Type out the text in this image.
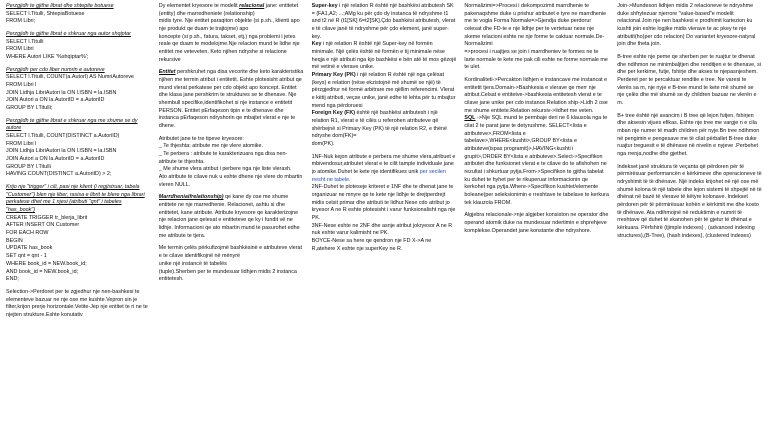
Perzgjidh te gjithe librat dhe shtepite botuese
SELECT l.Titulli, ShtepiaBotuese
FROM Libri;
Perzgjidh te gjithe librat e shkruar nga autor shqiptar
SELECT l.Titulli
FROM Libri
WHERE Autori LIKE '%shqiptar%';
Perzgjidh per cdo liber numrin e autoreve
SELECT l.Titulli, COUNT(a.AutorI) AS NumriAutoreve
FROM Libri l
JOIN Lidhja LibriAutori la ON l.ISBN = la.ISBN
JOIN Autori a ON la.AutoriID = a.AutoriID
GROUP BY l.Titulli;
Perzgjidh te gjithe librat e shkruar nga me shume se dy autore
SELECT l.Titulli, COUNT(DISTINCT a.AutoriID)
FROM Libri l
JOIN Lidhja LibriAutori la ON l.ISBN = la.ISBN
JOIN Autori a ON la.AutoriID = a.AutoriID
GROUP BY l.Titulli
HAVING COUNT(DISTINCT a.AutoriID) > 2;
Krijo nje "trigger" i cili, pasi nje klient (i regjistruar, tabela "Customer") blen nje liber, rasisa e librit te blere nga librari perkatese dhet me 1 njesi (atributi "qnt" i tabeles "has_book")
CREATE TRIGGER tr_blerja_librit
AFTER INSERT ON Customer
FOR EACH ROW
BEGIN
UPDATE has_book
SET qnt = qnt - 1
WHERE book_id = NEW.book_id;
AND book_id = NEW.book_id;
END;
Selection->Perdoret per te zgjedhur nje nen-bashkesi te elementeve bazuar ne nje ose me kushte.Vepron sin je filter,krijon prerje horizontale.Vetite-Jep nje entitet te ri ne te njejten strukture.Eshte konutativ
Dy elementet kryesore te modelit relacional jane: entitetet (entity) dhe marredheniete (relationship)
midis tyre. Nje entitet paraqiton objekte (si p.sh., klienti apo nje produkt qe duam te trajtojme) apo
koncepte (si p.sh., fatura, takset, etj.) nga problemi i jetes reale qe duam te modelojme.Nje relacion mund te lidhe nje entitet me veteveten. Keto njihen ndryshe si relacione rekursive
Entitet pershkruhet nga disa vecorite dhe keto karakteristika njihen me termin atribut i entitetit. Eshte plotesisht atribut qe mund vlerat perkatese per cdo objekt apo koncept. Entitet dhe klasa jane pershkrim te struktures se te dhenave. Nje shembull specifike,identifikohet si nje instance e entitetit PERSON. Entitet pErfaqeson tipin e te dhenave dhe instanca pErfaqeson ndryshorin qe mbajtet vlerat e nje te dhene.
Atributet jane te tre tipeve kryesore:
_ Te thjeshta: atribute me nje vlere atomike.
_ Te perbera : atribute te karakterizuara nga disa nen-atribute te thjeshta.
_ Me shume vlera atribut i perbere nga nje liste vlerash.
Ato atribute te cilave nuk u eshte dhene nje vlere do mbartin vleren NULL.
Marrdheniaifrelationship) qe kane dy ose me shume entitete ne nje marredhenie. Relacionet, ashtu si dhe entitetet, kane atribute. Atribute kryesore qe karakterizojne nje relacion jane qelesat e entiteteve qe ky i fundit vë ne lidhje. Informacioni qe ato mbartin mund te pasurohet edhe me atribute te tjera.
Me termin çelës përkufizojmë bashkësinë e atributeve vlerat e te cilave identifikojnë në mënyrë
unike një instancë të tabelës
(tuple).Sherben per te mundesuar lidhjen midis 2 instanca entitetesh.
Super-key i një relation R është një bashkësi atributesh SK = {FA1,A2; ...;AMg ku për çdo dy instanca të ndryshme t1 and t2 në R (t1[SK] 6=t2[SK].Çdo bashkësi atributesh, vlerat e të cilave janë të ndryshme për çdo element, janë super-key.
Key i një relation R është një Super-key në formën minimale. Një çelës është në formën e tij minimale nëse heqja e një atributi nga kjo bashkësi e bën atë të mos gëzojë më vetinë e vlerave unike.
Primary Key (PK) i një relation R është një nga çelësat (keys) e relation (nëse ekzistojnë më shumë se një) të përzgjedhur në formë arbitrare me qëllim referencimi. Vlerat e këtij atributi, veçse unike, janë edhe të lehta për tu mbajtur mend nga përdoruesi
Foreign Key (FK) është një bashkësi atributesh i një relation R1, vlerat e të cilës u referohen atributeve që shërbejnë si Primary Key (PK) të një relation R2, e thënë ndryshe dom(FK)=
dom(PK).
1NF-Nuk kejon atribute e perbera me shume vlera,atribuet e mbivendosur,atributet vlerat e te cilit tample individuale jane jo atomike.Duhet te kete nje identifikues unik per secilen rresht ne tabele.
2NF-Duhet te ploteseje kriteret e 1NF dhe te dhenat jane te organizuar ne mnyre qe te kete nje lidhje te drejtperdrejt midis celsit primar dhe atributi te lidhur.Nese cdo atribut jo kryesor A ne R eshte plotesisht i varur funksionalisht nga nje PK.
3NF-Nese eshte ne 2NF dhe asnje atribut jokryesor A ne R nuk eshte varur kalimisht ne PK.
BOYCE-Nese sa here qe qendron nje FD X->A ne R,atehere X eshte nje superKey ne R.
Normalizimi=>Procesi i dekompozimit marrdhenie te pakenaqshme duke u prishur atributet e tyre ne marrdhenie me te vogla Forma Normale=>Gjendja duke perdorur celesat dhe FD-te e nje lidhje per te vertetuar nese nje skeme relacioni eshte ne nje forme te caktuar normale.De-Normalizimi
=>procesi i ruajtjes se join i marrdheniev te formes ne te larte normale te kete me pak cili eshte ne forme normale me te ulet.
Kordinaliteti->Percakton lidhjen e instancave me instancat e entitetit tjera.Domain->Bashkesia e vlerave qe merr nje atribut.Celsat e entitetve->bashkesia entitetesh vlerat e te cilave jane unike per cdo instance.Relation ship->Lidh 2 ose me shume entitete.Relation rekursiv->lidhet me veten.
SQL ->Nje SQL mund te permbaje deri ne 6 klausola nga te cilat 2 te parat jane te detyrushme. SELECT<lista e atributeve>,FROM<lista e tabelave>,WHERE<kushti>,GROUP BY<lista e atributeve(ispas programit)>,HAVING<kushti i grupit>,ORDER BY<lista e atributeve>.Select->Specifikon atributet dhe funksionet vlerat e te cilave do te afishohen ne rezultat i shkurtuar pytja.From->Specifikon te gjitha tabelat ku duhet te hyhet per te rikuperuar informacionin qe kerkohet nga pytja.Where->Specifikon kushtet/elemente boleane(per seleksionimin e rreshtave te tabelave te kerkura tek klauzola FROM.
Algjebra relacionale->nje algjeber konsiston ne operator dhe operand atomik duke na mundesuar ndertimin e shprehjeve komplekse.Operandet jane konstante dhe ndryshore.
Join->Mundeson lidhjen midis 2 relacioneve te ndryshme duke shfrytezuar njerrore "value-based"e modelit relacional.Join nje nen bashkesi e prodhimit kartezion ku kushti join eshte logjike midis vlerave te ac pkey te nje atributit(ho)per cdo relacion) Do variantet kryesore-natyral join dhe theta join.
B-tree eshte nje peme qe sherben per te ruajtur te dhenat dhe ndihmon ne minimbaljtjen dhe renditjen e te dhenave, si dhe per kerkime, futje, fshirje dhe akses te njepasnjeshem. Perderet per te percaktuar renditie e tree. Ne varesi te vlerës sa m, nje nyje e B-tree mund te kete më shumë se nje çelës dhe më shumë se dy children bazuar ne vlerën e m.
B+ tree është një avancim i B tree që lejon futjen, fshirjen dhe aksesin vijues efikas. Eshte nje tree me vargje n e cila mban nje numer të madh children për nyje.Bn tree ndihmon në pengimin e pengesave me të cilat përballet B-tree duke ruajtur treguesit e të dhënave në nivelin e nyjeve .Perbehet nga rrenja,nodhe dhe gjethet.
Indekset janë struktura të veçanta që përdoren për të përmirësuar performancën e kërkimeve dhe operacioneve të ndryshimit të të dhënave. Një indeks krijohet në një ose më shumë kolona të një tabele dhe lejon sistemi të shpejtë në të dhënat në bazë të vlerave të këtyre kolonave. Indekset përdoren për të përmirësuar kohën e kërkimit me dhe kosto të dhënave. Ata ndihmojnë në reduktimin e numrit të rreshtave që duhet të skanohen për të gjetur të dhënat e kërkuara. Përfshirë (tjimple indexes) , (advanced indexing structures),(B-Tree), (hash indexes), (clustered indexes)
